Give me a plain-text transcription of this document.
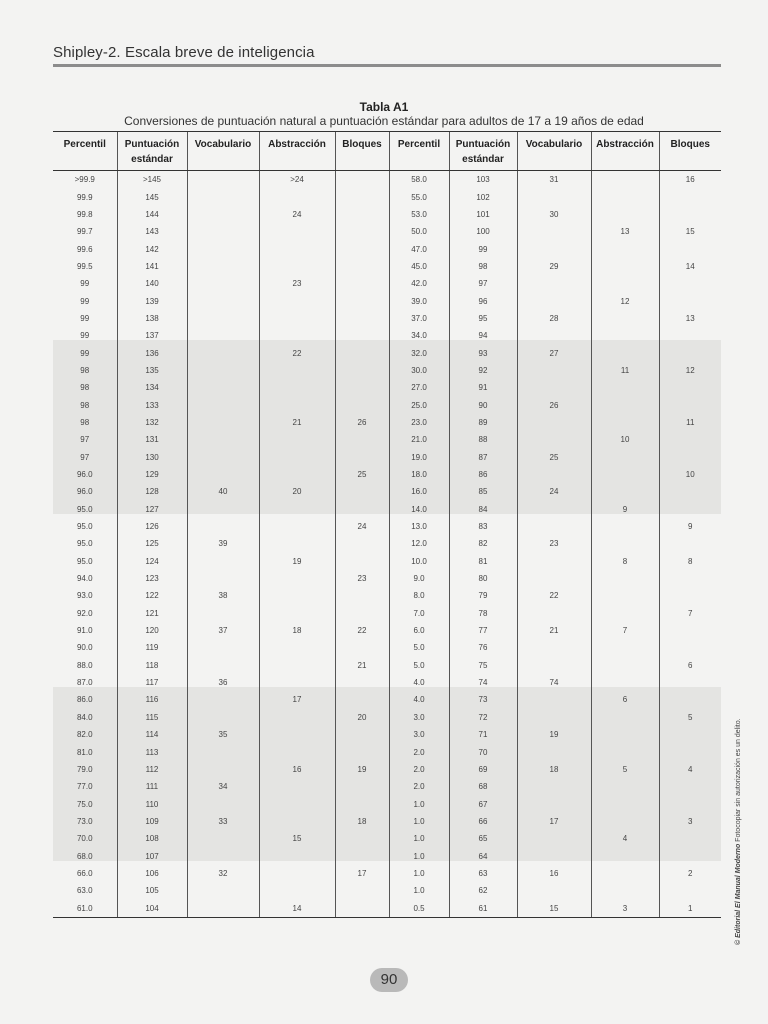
Shipley-2. Escala breve de inteligencia
Tabla A1
Conversiones de puntuación natural a puntuación estándar para adultos de 17 a 19 años de edad
Percentil	Puntuación estándar	Vocabulario	Abstracción	Bloques	Percentil	Puntuación estándar	Vocabulario	Abstracción	Bloques
>99.9	>145		>24		58.0	103	31		16
99.9	145				55.0	102			
99.8	144		24		53.0	101	30		
99.7	143				50.0	100		13	15
99.6	142				47.0	99			
99.5	141				45.0	98	29		14
99	140		23		42.0	97			
99	139				39.0	96		12	
99	138				37.0	95	28		13
99	137				34.0	94			
99	136		22		32.0	93	27		
98	135				30.0	92		11	12
98	134				27.0	91			
98	133				25.0	90	26		
98	132		21	26	23.0	89			11
97	131				21.0	88		10	
97	130				19.0	87	25		
96.0	129			25	18.0	86			10
96.0	128	40	20		16.0	85	24		
95.0	127				14.0	84		9	
95.0	126			24	13.0	83			9
95.0	125	39			12.0	82	23		
95.0	124		19		10.0	81		8	8
94.0	123			23	9.0	80			
93.0	122	38			8.0	79	22		
92.0	121				7.0	78			7
91.0	120	37	18	22	6.0	77	21	7	
90.0	119				5.0	76			
88.0	118			21	5.0	75			6
87.0	117	36			4.0	74	74		
86.0	116		17		4.0	73		6	
84.0	115			20	3.0	72			5
82.0	114	35			3.0	71	19		
81.0	113				2.0	70			
79.0	112		16	19	2.0	69	18	5	4
77.0	111	34			2.0	68			
75.0	110				1.0	67			
73.0	109	33		18	1.0	66	17		3
70.0	108		15		1.0	65		4	
68.0	107				1.0	64			
66.0	106	32		17	1.0	63	16		2
63.0	105				1.0	62			
61.0	104		14		0.5	61	15	3	1	© Editorial El Manual Moderno Fotocopiar sin autorización es un delito.
90
